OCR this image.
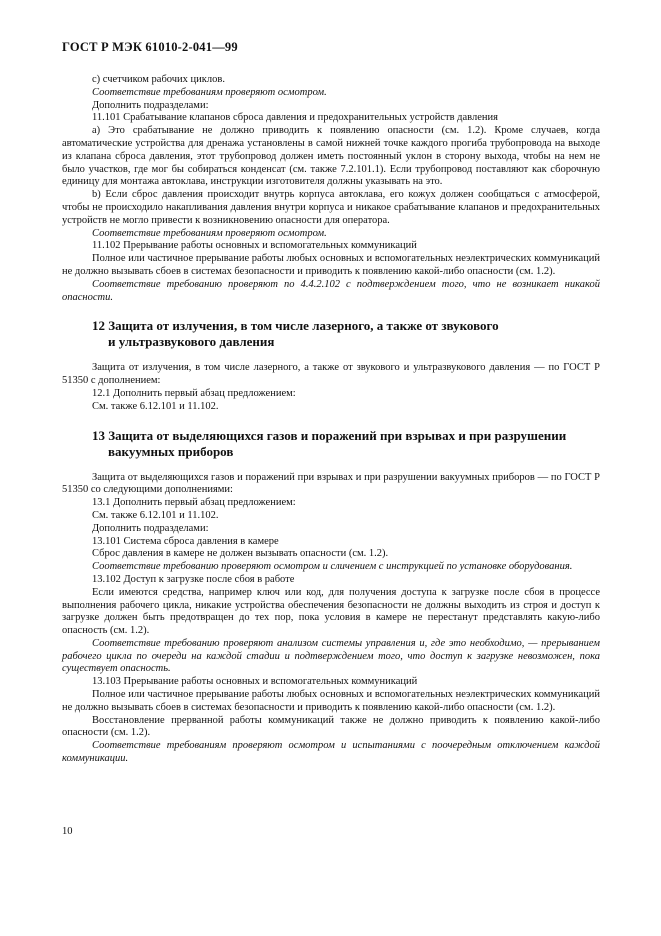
ГОСТ Р МЭК 61010-2-041—99

c) счетчиком рабочих циклов.

Соответствие требованиям проверяют осмотром.

Дополнить подразделами:

11.101 Срабатывание клапанов сброса давления и предохранительных устройств давления

a) Это срабатывание не должно приводить к появлению опасности (см. 1.2). Кроме случаев, когда автоматические устройства для дренажа установлены в самой нижней точке каждого прогиба трубопровода на выходе из клапана сброса давления, этот трубопровод должен иметь постоянный уклон в сторону выхода, чтобы на нем не было участков, где мог бы собираться конденсат (см. также 7.2.101.1). Если трубопровод поставляют как сборочную единицу для монтажа автоклава, инструкции изготовителя должны указывать на это.

b) Если сброс давления происходит внутрь корпуса автоклава, его кожух должен сообщаться с атмосферой, чтобы не происходило накапливания давления внутри корпуса и никакое срабатывание клапанов и предохранительных устройств не могло привести к возникновению опасности для оператора.

Соответствие требованиям проверяют осмотром.

11.102 Прерывание работы основных и вспомогательных коммуникаций

Полное или частичное прерывание работы любых основных и вспомогательных неэлектрических коммуникаций не должно вызывать сбоев в системах безопасности и приводить к появлению какой-либо опасности (см. 1.2).

Соответствие требованию проверяют по 4.4.2.102 с подтверждением того, что не возникает никакой опасности.

12 Защита от излучения, в том числе лазерного, а также от звукового
и ультразвукового давления

Защита от излучения, в том числе лазерного, а также от звукового и ультразвукового давления — по ГОСТ Р 51350 с дополнением:

12.1 Дополнить первый абзац предложением:

См. также 6.12.101 и 11.102.

13 Защита от выделяющихся газов и поражений при взрывах и при разрушении
вакуумных приборов

Защита от выделяющихся газов и поражений при взрывах и при разрушении вакуумных приборов — по ГОСТ Р 51350 со следующими дополнениями:

13.1 Дополнить первый абзац предложением:

См. также 6.12.101 и 11.102.

Дополнить подразделами:

13.101 Система сброса давления в камере

Сброс давления в камере не должен вызывать опасности (см. 1.2).

Соответствие требованию проверяют осмотром и сличением с инструкцией по установке оборудования.

13.102 Доступ к загрузке после сбоя в работе

Если имеются средства, например ключ или код, для получения доступа к загрузке после сбоя в процессе выполнения рабочего цикла, никакие устройства обеспечения безопасности не должны выходить из строя и доступ к загрузке должен быть предотвращен до тех пор, пока условия в камере не перестанут представлять какую-либо опасность (см. 1.2).

Соответствие требованию проверяют анализом системы управления и, где это необходимо, — прерыванием рабочего цикла по очереди на каждой стадии и подтверждением того, что доступ к загрузке невозможен, пока существует опасность.

13.103 Прерывание работы основных и вспомогательных коммуникаций

Полное или частичное прерывание работы любых основных и вспомогательных неэлектрических коммуникаций не должно вызывать сбоев в системах безопасности и приводить к появлению какой-либо опасности (см. 1.2).

Восстановление прерванной работы коммуникаций также не должно приводить к появлению какой-либо опасности (см. 1.2).

Соответствие требованиям проверяют осмотром и испытаниями с поочередным отключением каждой коммуникации.

10
